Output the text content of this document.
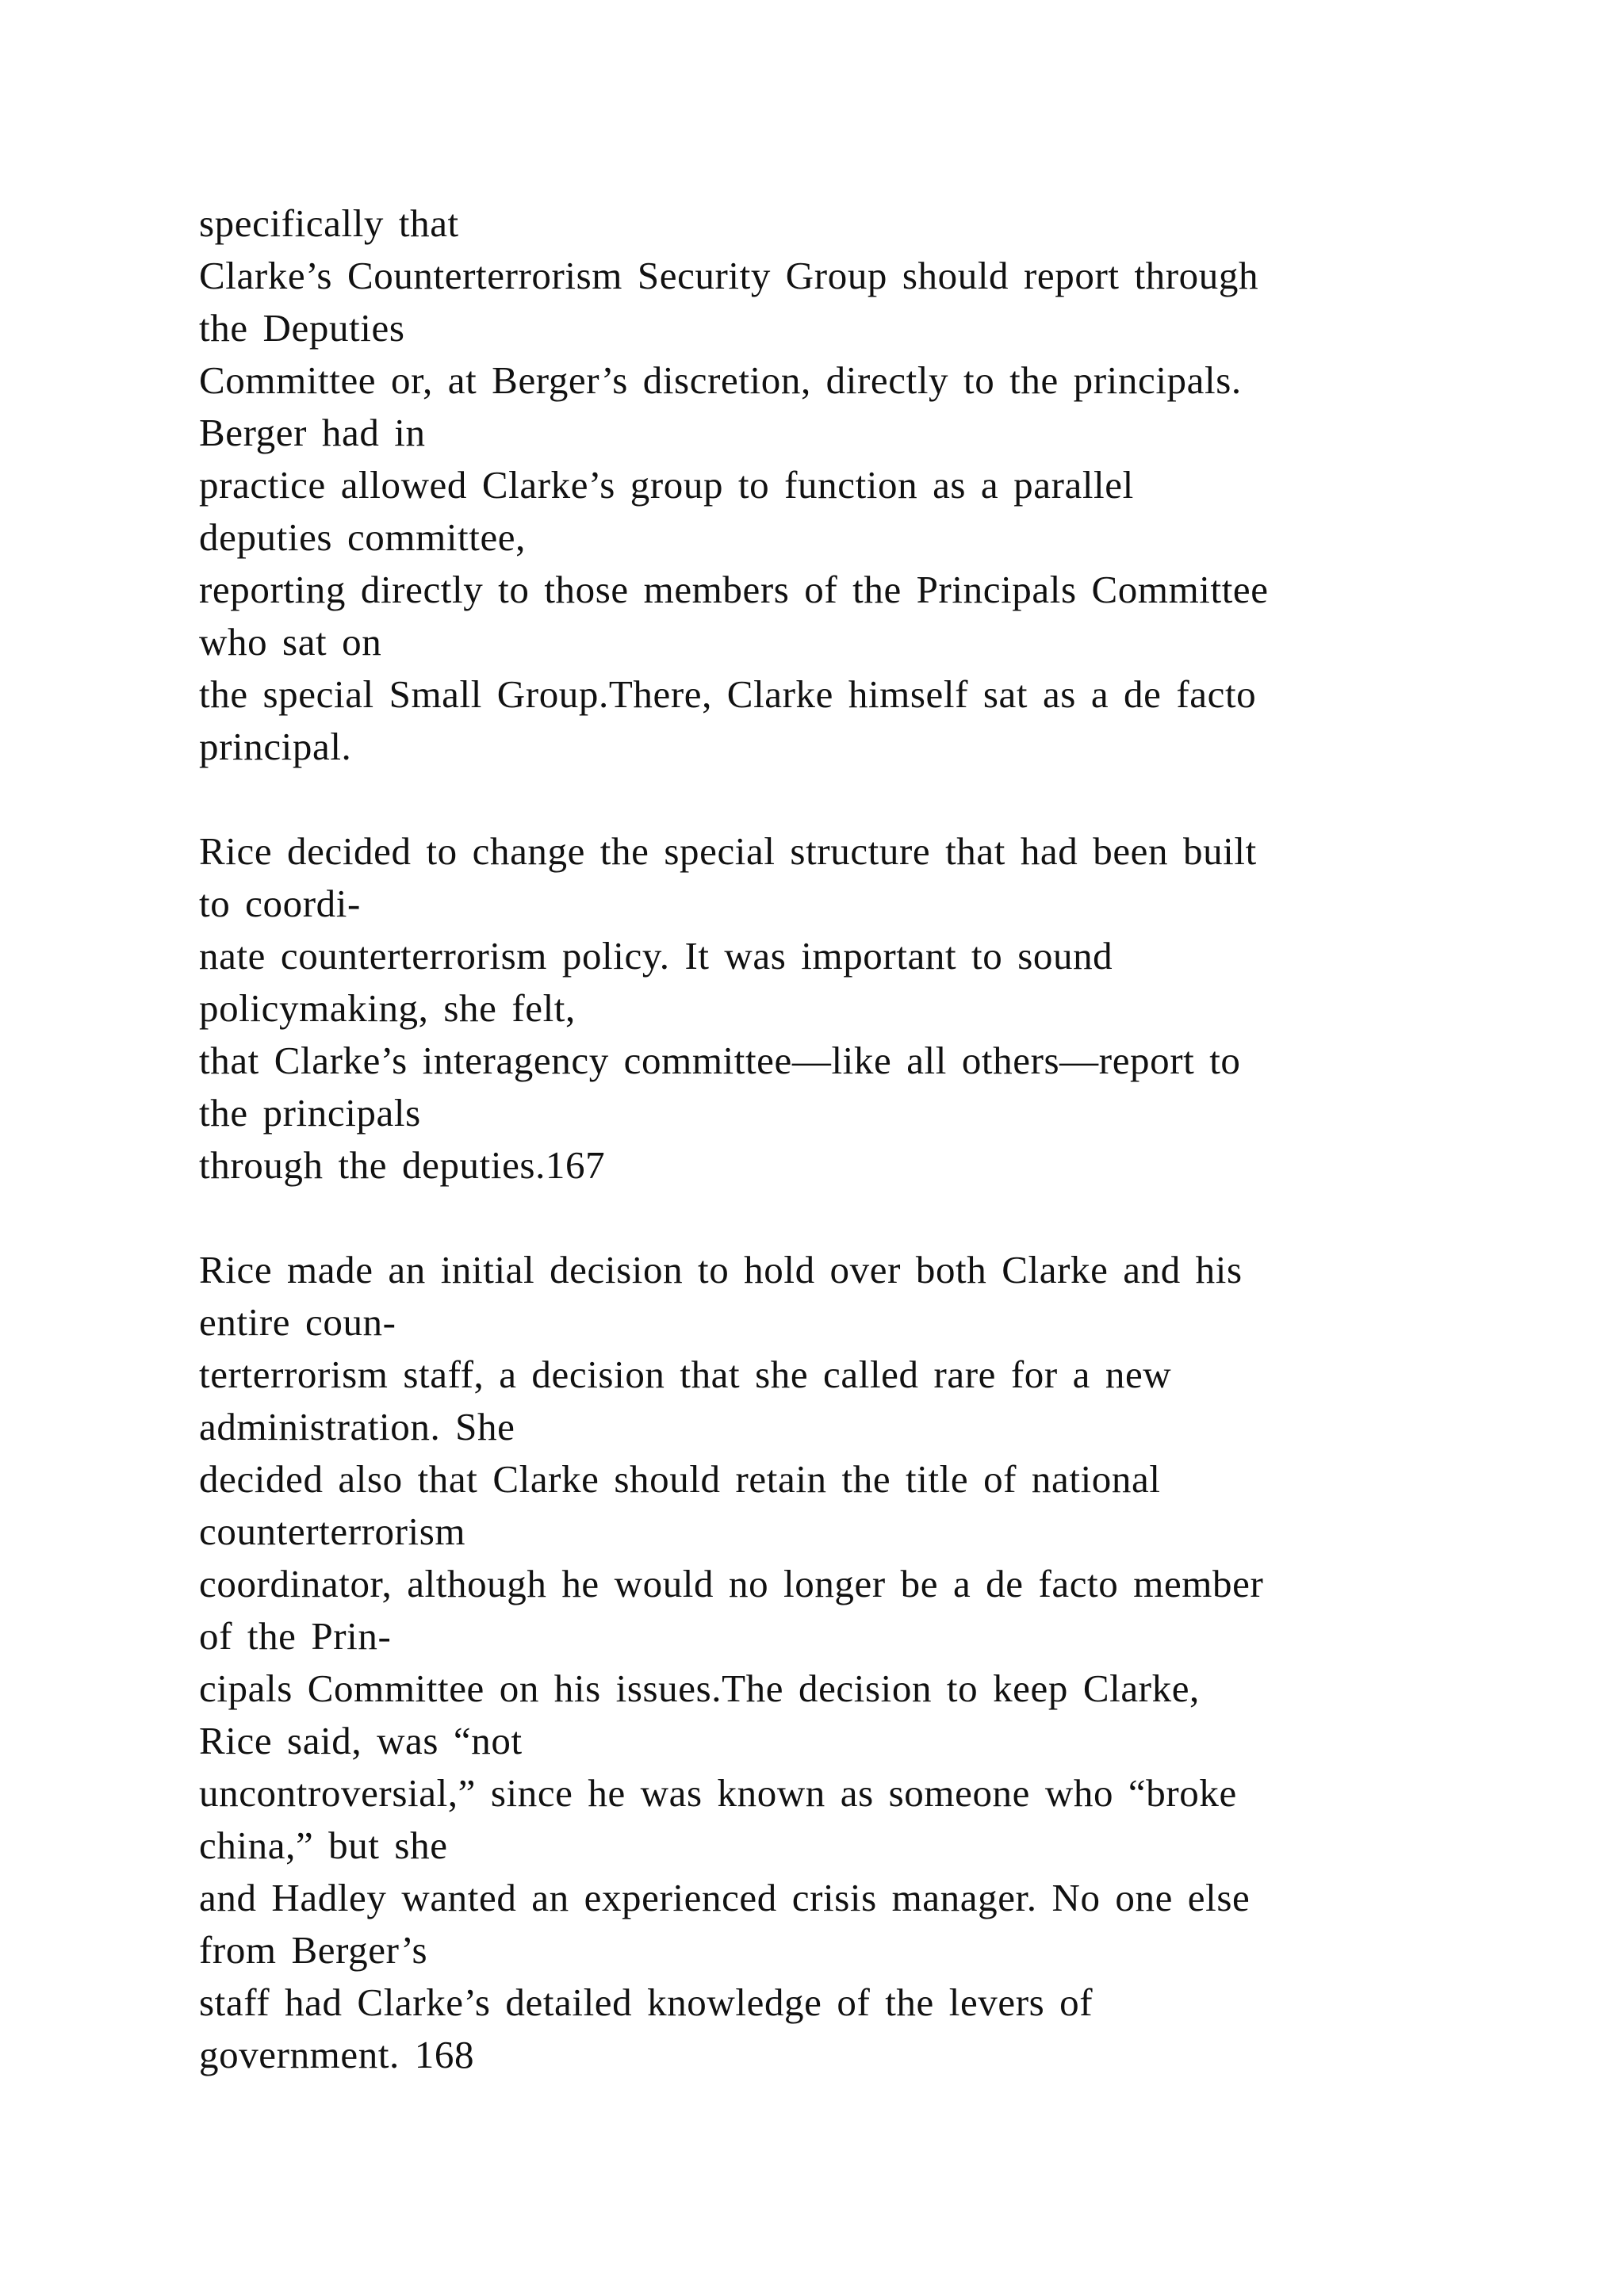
specifically that
Clarke’s Counterterrorism Security Group should report through
the Deputies
Committee or, at Berger’s discretion, directly to the principals.
Berger had in
practice allowed Clarke’s group to function as a parallel
deputies committee,
reporting directly to those members of the Principals Committee
who sat on
the special Small Group.There, Clarke himself sat as a de facto
principal.
Rice decided to change the special structure that had been built
to coordi-
nate counterterrorism policy. It was important to sound
policymaking, she felt,
that Clarke’s interagency committee—like all others—report to
the principals
through the deputies.167
Rice made an initial decision to hold over both Clarke and his
entire coun-
terterrorism staff, a decision that she called rare for a new
administration. She
decided also that Clarke should retain the title of national
counterterrorism
coordinator, although he would no longer be a de facto member
of the Prin-
cipals Committee on his issues.The decision to keep Clarke,
Rice said, was “not
uncontroversial,” since he was known as someone who “broke
china,” but she
and Hadley wanted an experienced crisis manager. No one else
from Berger’s
staff had Clarke’s detailed knowledge of the levers of
government. 168
